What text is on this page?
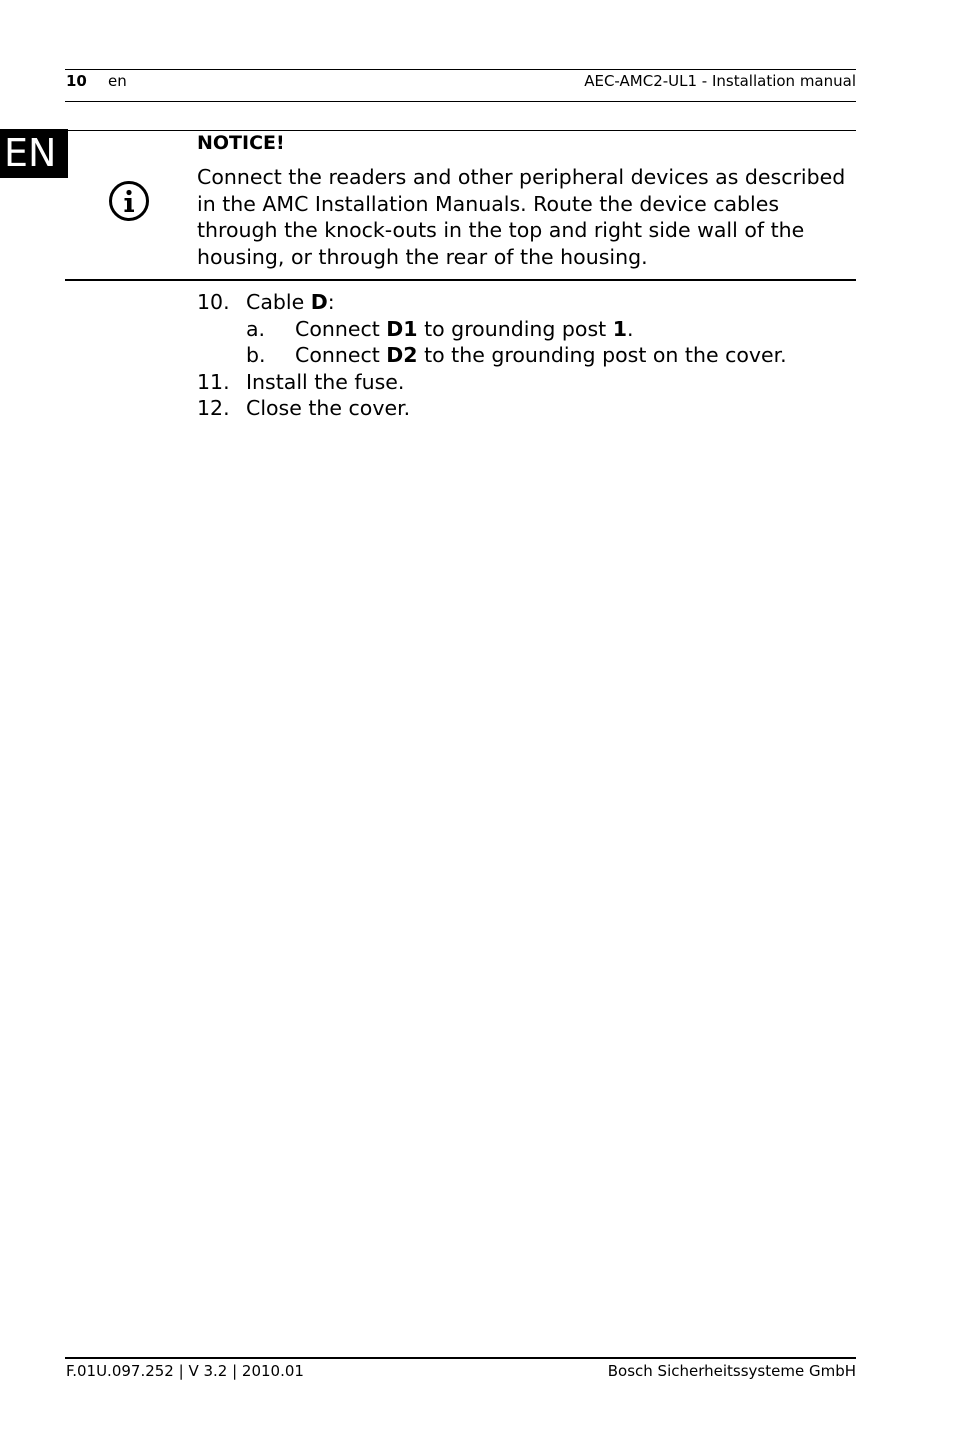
10 en	AEC-AMC2-UL1 - Installation manual
EN	NOTICE!
Connect the readers and other peripheral devices as described
in the AMC Installation Manuals. Route the device cables
through the knock-outs in the top and right side wall of the
housing, or through the rear of the housing.
10. Cable D:
a. Connect D1 to grounding post 1.
b. Connect D2 to the grounding post on the cover.
11. Install the fuse.
12. Close the cover.
F.01U.097.252 | V 3.2 | 2010.01	Bosch Sicherheitssysteme GmbH
